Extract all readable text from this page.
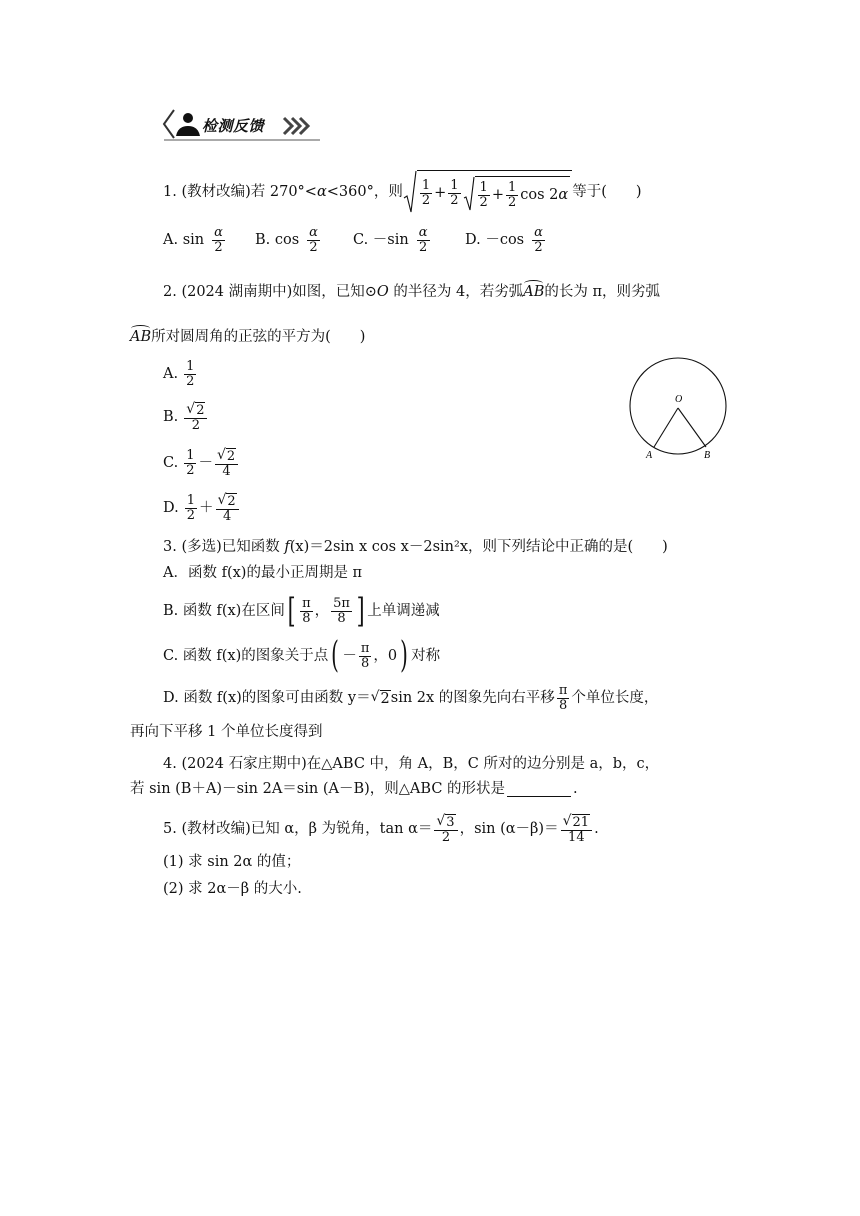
检测反馈
1. (教材改编)若 270°< α <360°，则 $\frac{1}{2} + \frac{1}{2} \frac{1}{2} + \frac{1}{2}$ cos 2 α 等于(　　)
A. $\sin \frac{\alpha}{2} B$. $\cos \frac{\alpha}{2} C$. $-\sin \frac{\alpha}{2} D$. $-\cos \frac{\alpha}{2}$
2. (2024 湖南期中)如图，已知⊙O 的半径为 4，若劣弧AB的长为 π，则劣弧
AB所对圆周角的正弦的平方为(　　)
A. $\frac{1}{2}$
B. $\frac{√ 2}{2}$
C. $\frac{1}{2} - \frac{√ 2}{4}$
D. $\frac{1}{2} + \frac{√ 2}{4}$
O
A	B
3. (多选)已知函数 f(x)＝2sin x cos x－2sin²x，则下列结论中正确的是(　　)
A．函数 f(x)的最小正周期是 π
B. 函数 f(x)在区间 [ $\frac{\pi}{8}$ ， $\frac{5\pi}{8}$ ] 上单调递减
C. 函数 f(x)的图象关于点 ( － $\frac{\pi}{8}$ ，0 ) 对称
D. 函数 f(x)的图象可由函数 y＝ √ 2 sin 2x 的图象先向右平移 $\frac{\pi}{8}$ 个单位长度，
再向下平移 1 个单位长度得到
4. (2024 石家庄期中)在△ABC 中，角 A，B，C 所对的边分别是 a，b，c，
若 sin (B＋A)－sin 2A＝sin (A－B)，则△ABC 的形状是	.
5. (教材改编)已知 α，β 为锐角，$\tan \alpha= \frac{√ 3}{2}$ ，$\sin (\alpha-\beta)= \frac{√ 21}{14}$ .
(1) 求 sin 2α 的值；
(2) 求 2α－β 的大小.
